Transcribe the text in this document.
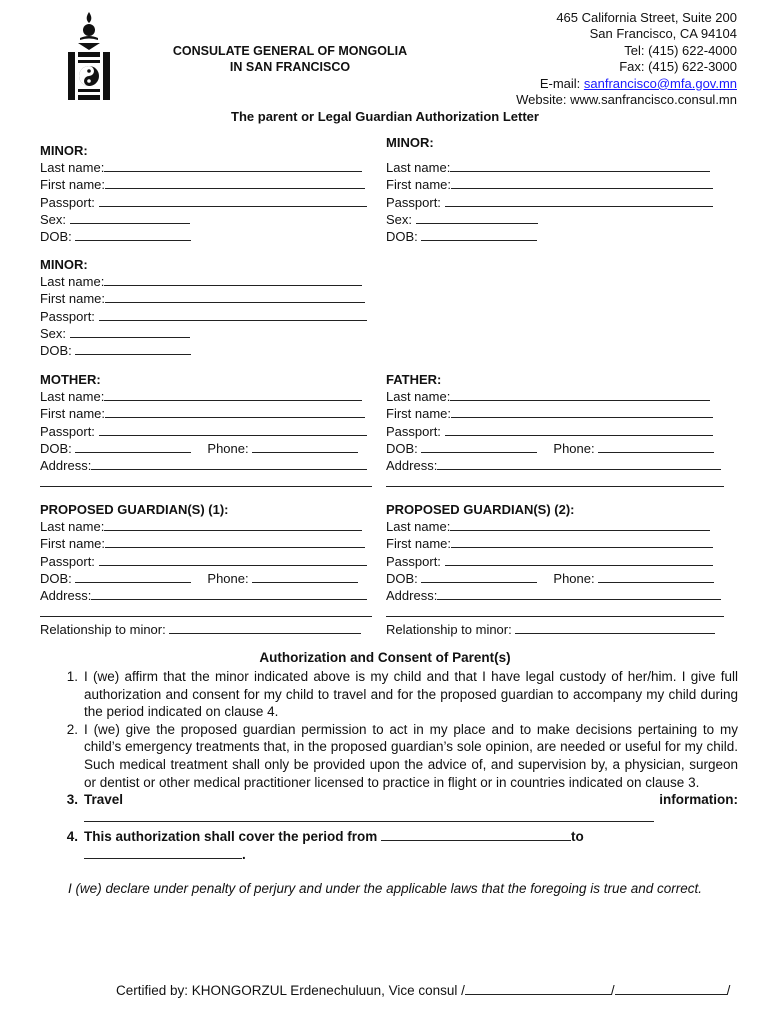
CONSULATE GENERAL OF MONGOLIA
IN SAN FRANCISCO
465 California Street, Suite 200
San Francisco, CA 94104
Tel: (415) 622-4000
Fax: (415) 622-3000
E-mail: sanfrancisco@mfa.gov.mn
Website: www.sanfrancisco.consul.mn
The parent or Legal Guardian Authorization Letter
MINOR:
Last name:
First name:
Passport:
Sex:
DOB:
MINOR:
Last name:
First name:
Passport:
Sex:
DOB:
MINOR:
Last name:
First name:
Passport:
Sex:
DOB:
MOTHER:
Last name:
First name:
Passport:
DOB:	Phone:
Address:
FATHER:
Last name:
First name:
Passport:
DOB:	Phone:
Address:
PROPOSED GUARDIAN(S) (1):
Last name:
First name:
Passport:
DOB:	Phone:
Address:
Relationship to minor:
PROPOSED GUARDIAN(S) (2):
Last name:
First name:
Passport:
DOB:	Phone:
Address:
Relationship to minor:
Authorization and Consent of Parent(s)
1. I (we) affirm that the minor indicated above is my child and that I have legal custody of her/him. I give full authorization and consent for my child to travel and for the proposed guardian to accompany my child during the period indicated on clause 4.
2. I (we) give the proposed guardian permission to act in my place and to make decisions pertaining to my child’s emergency treatments that, in the proposed guardian’s sole opinion, are needed or useful for my child. Such medical treatment shall only be provided upon the advice of, and supervision by, a physician, surgeon or dentist or other medical practitioner licensed to practice in flight or in countries indicated on clause 3.
3. Travel	information:
4. This authorization shall cover the period from	to
.
I (we) declare under penalty of perjury and under the applicable laws that the foregoing is true and correct.
Certified by: KHONGORZUL Erdenechuluun, Vice consul /	/	/
